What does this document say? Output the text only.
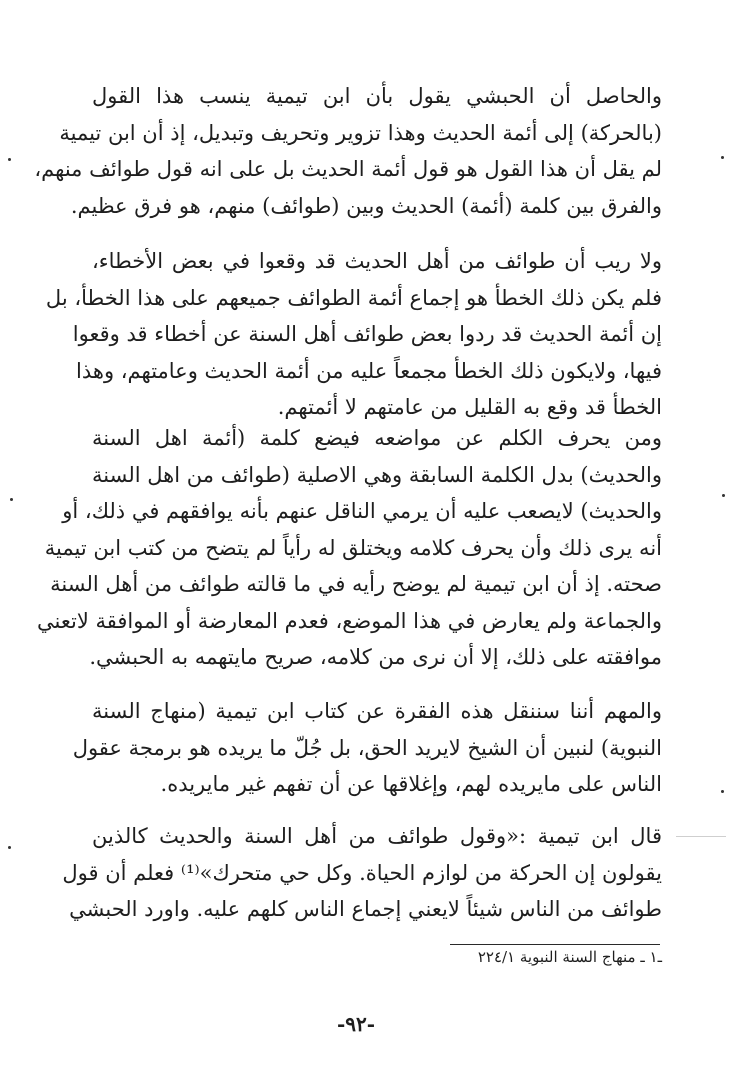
والحاصل أن الحبشي يقول بأن ابن تيمية ينسب هذا القول
(بالحركة) إلى أئمة الحديث وهذا تزوير وتحريف وتبديل، إذ أن ابن تيمية
لم يقل أن هذا القول هو قول أئمة الحديث بل على انه قول طوائف منهم،
والفرق بين كلمة (أئمة) الحديث وبين (طوائف) منهم، هو فرق عظيم.
ولا ريب أن طوائف من أهل الحديث قد وقعوا في بعض الأخطاء،
فلم يكن ذلك الخطأ هو إجماع أئمة الطوائف جميعهم على هذا الخطأ، بل
إن أئمة الحديث قد ردوا بعض طوائف أهل السنة عن أخطاء قد وقعوا
فيها، ولايكون ذلك الخطأ مجمعاً عليه من أئمة الحديث وعامتهم، وهذا
الخطأ قد وقع به القليل من عامتهم لا أئمتهم.
ومن يحرف الكلم عن مواضعه فيضع كلمة (أئمة اهل السنة
والحديث) بدل الكلمة السابقة وهي الاصلية (طوائف من اهل السنة
والحديث) لايصعب عليه أن يرمي الناقل عنهم بأنه يوافقهم في ذلك، أو
أنه يرى ذلك وأن يحرف كلامه ويختلق له رأياً لم يتضح من كتب ابن تيمية
صحته. إذ أن ابن تيمية لم يوضح رأيه في ما قالته طوائف من أهل السنة
والجماعة ولم يعارض في هذا الموضع، فعدم المعارضة أو الموافقة لاتعني
موافقته على ذلك، إلا أن نرى من كلامه، صريح مايتهمه به الحبشي.
والمهم أننا سننقل هذه الفقرة عن كتاب ابن تيمية (منهاج السنة
النبوية) لنبين أن الشيخ لايريد الحق، بل جُلّ ما يريده هو برمجة عقول
الناس على مايريده لهم، وإغلاقها عن أن تفهم غير مايريده.
قال ابن تيمية :«وقول طوائف من أهل السنة والحديث كالذين
يقولون إن الحركة من لوازم الحياة. وكل حي متحرك»⁽¹⁾ فعلم أن قول
طوائف من الناس شيئاً لايعني إجماع الناس كلهم عليه. واورد الحبشي
ـ١ ـ منهاج السنة النبوية ٢٢٤/١
-٩٢-
